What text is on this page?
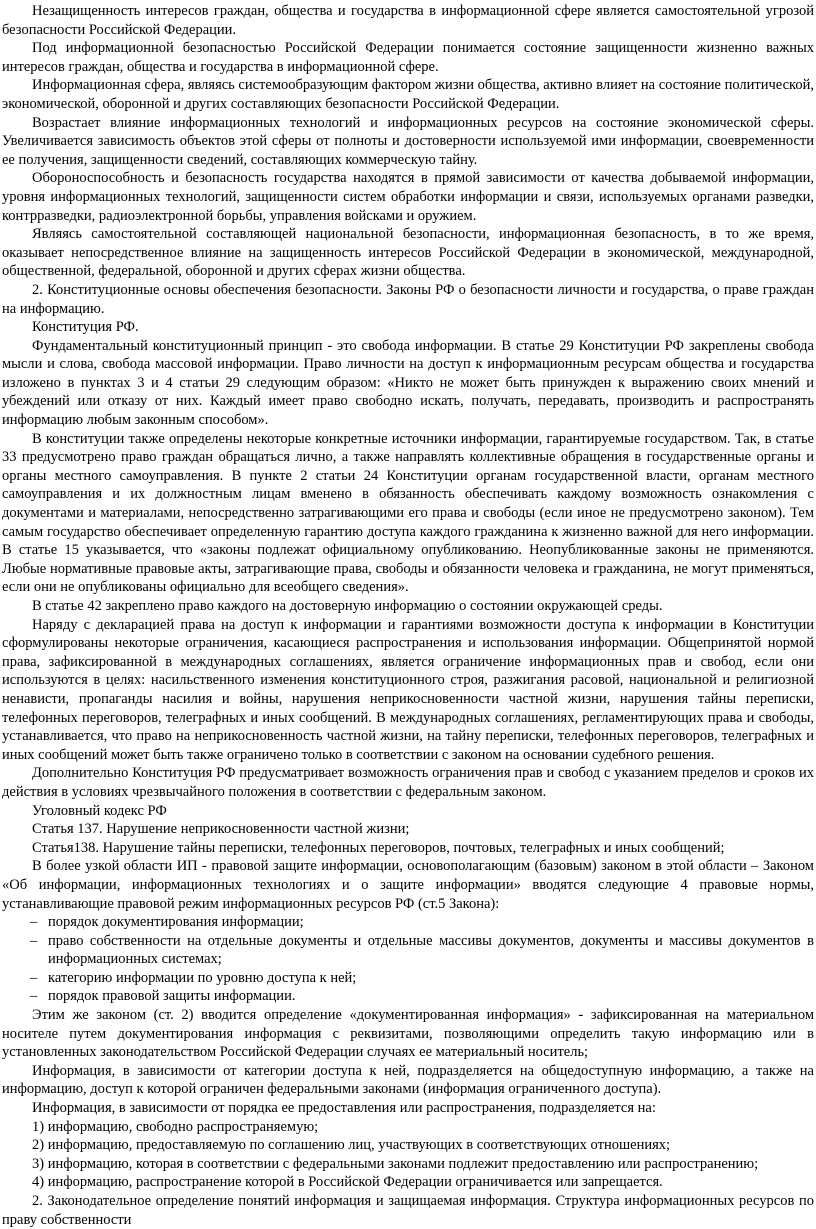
Незащищенность интересов граждан, общества и государства в информационной сфере является самостоятельной угрозой безопасности Российской Федерации.

Под информационной безопасностью Российской Федерации понимается состояние защищенности жизненно важных интересов граждан, общества и государства в информационной сфере.

Информационная сфера, являясь системообразующим фактором жизни общества, активно влияет на состояние политической, экономической, оборонной и других составляющих безопасности Российской Федерации.

Возрастает влияние информационных технологий и информационных ресурсов на состояние экономической сферы. Увеличивается зависимость объектов этой сферы от полноты и достоверности используемой ими информации, своевременности ее получения, защищенности сведений, составляющих коммерческую тайну.

Обороноспособность и безопасность государства находятся в прямой зависимости от качества добываемой информации, уровня информационных технологий, защищенности систем обработки информации и связи, используемых органами разведки, контрразведки, радиоэлектронной борьбы, управления войсками и оружием.

Являясь самостоятельной составляющей национальной безопасности, информационная безопасность, в то же время, оказывает непосредственное влияние на защищенность интересов Российской Федерации в экономической, международной, общественной, федеральной, оборонной и других сферах жизни общества.

2. Конституционные основы обеспечения безопасности. Законы РФ о безопасности личности и государства, о праве граждан на информацию.

Конституция РФ.

Фундаментальный конституционный принцип - это свобода информации. В статье 29 Конституции РФ закреплены свобода мысли и слова, свобода массовой информации. Право личности на доступ к информационным ресурсам общества и государства изложено в пунктах 3 и 4 статьи 29 следующим образом: «Никто не может быть принужден к выражению своих мнений и убеждений или отказу от них. Каждый имеет право свободно искать, получать, передавать, производить и распространять информацию любым законным способом».

В конституции также определены некоторые конкретные источники информации, гарантируемые государством. Так, в статье 33 предусмотрено право граждан обращаться лично, а также направлять коллективные обращения в государственные органы и органы местного самоуправления. В пункте 2 статьи 24 Конституции органам государственной власти, органам местного самоуправления и их должностным лицам вменено в обязанность обеспечивать каждому возможность ознакомления с документами и материалами, непосредственно затрагивающими его права и свободы (если иное не предусмотрено законом). Тем самым государство обеспечивает определенную гарантию доступа каждого гражданина к жизненно важной для него информации. В статье 15 указывается, что «законы подлежат официальному опубликованию. Неопубликованные законы не применяются. Любые нормативные правовые акты, затрагивающие права, свободы и обязанности человека и гражданина, не могут применяться, если они не опубликованы официально для всеобщего сведения».

В статье 42 закреплено право каждого на достоверную информацию о состоянии окружающей среды.

Наряду с декларацией права на доступ к информации и гарантиями возможности доступа к информации в Конституции сформулированы некоторые ограничения, касающиеся распространения и использования информации. Общепринятой нормой права, зафиксированной в международных соглашениях, является ограничение информационных прав и свобод, если они используются в целях: насильственного изменения конституционного строя, разжигания расовой, национальной и религиозной ненависти, пропаганды насилия и войны, нарушения неприкосновенности частной жизни, нарушения тайны переписки, телефонных переговоров, телеграфных и иных сообщений. В международных соглашениях, регламентирующих права и свободы, устанавливается, что право на неприкосновенность частной жизни, на тайну переписки, телефонных переговоров, телеграфных и иных сообщений может быть также ограничено только в соответствии с законом на основании судебного решения.

Дополнительно Конституция РФ предусматривает возможность ограничения прав и свобод с указанием пределов и сроков их действия в условиях чрезвычайного положения в соответствии с федеральным законом.

Уголовный кодекс РФ

Статья 137. Нарушение неприкосновенности частной жизни;

Статья138. Нарушение тайны переписки, телефонных переговоров, почтовых, телеграфных и иных сообщений;

В более узкой области ИП - правовой защите информации, основополагающим (базовым) законом в этой области – Законом «Об информации, информационных технологиях и о защите информации» вводятся следующие 4 правовые нормы, устанавливающие правовой режим информационных ресурсов РФ (ст.5 Закона):

– порядок документирования информации;
– право собственности на отдельные документы и отдельные массивы документов, документы и массивы документов в информационных системах;
– категорию информации по уровню доступа к ней;
– порядок правовой защиты информации.

Этим же законом (ст. 2) вводится определение «документированная информация» - зафиксированная на материальном носителе путем документирования информация с реквизитами, позволяющими определить такую информацию или в установленных законодательством Российской Федерации случаях ее материальный носитель;

Информация, в зависимости от категории доступа к ней, подразделяется на общедоступную информацию, а также на информацию, доступ к которой ограничен федеральными законами (информация ограниченного доступа).

Информация, в зависимости от порядка ее предоставления или распространения, подразделяется на:

1) информацию, свободно распространяемую;

2) информацию, предоставляемую по соглашению лиц, участвующих в соответствующих отношениях;

3) информацию, которая в соответствии с федеральными законами подлежит предоставлению или распространению;

4) информацию, распространение которой в Российской Федерации ограничивается или запрещается.

2. Законодательное определение понятий информация и защищаемая информация. Структура информационных ресурсов по праву собственности
